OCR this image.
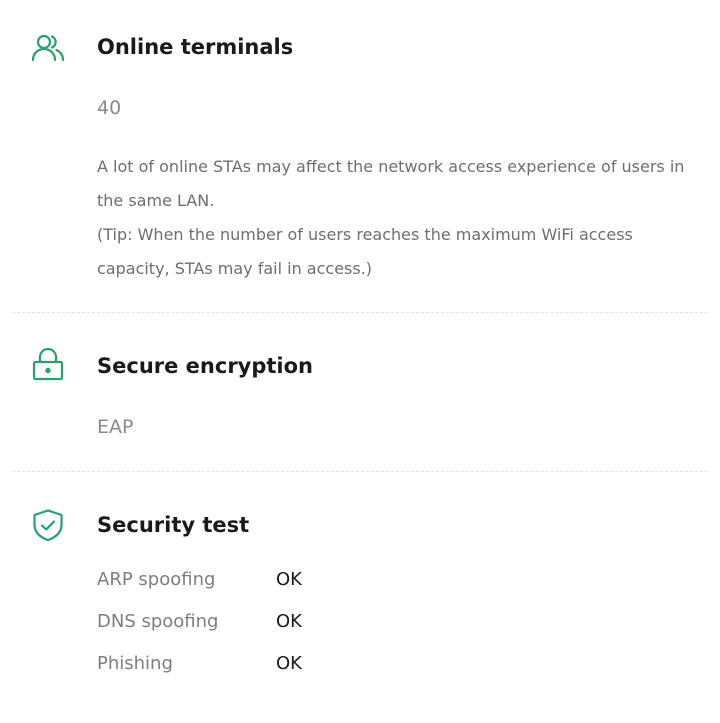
Online terminals
40

A lot of online STAs may affect the network access experience of users in the same LAN.

(Tip: When the number of users reaches the maximum WiFi access capacity, STAs may fail in access.)

Secure encryption
EAP
Security test
ARP spoofing	OK
DNS spoofing	OK
Phishing	OK
